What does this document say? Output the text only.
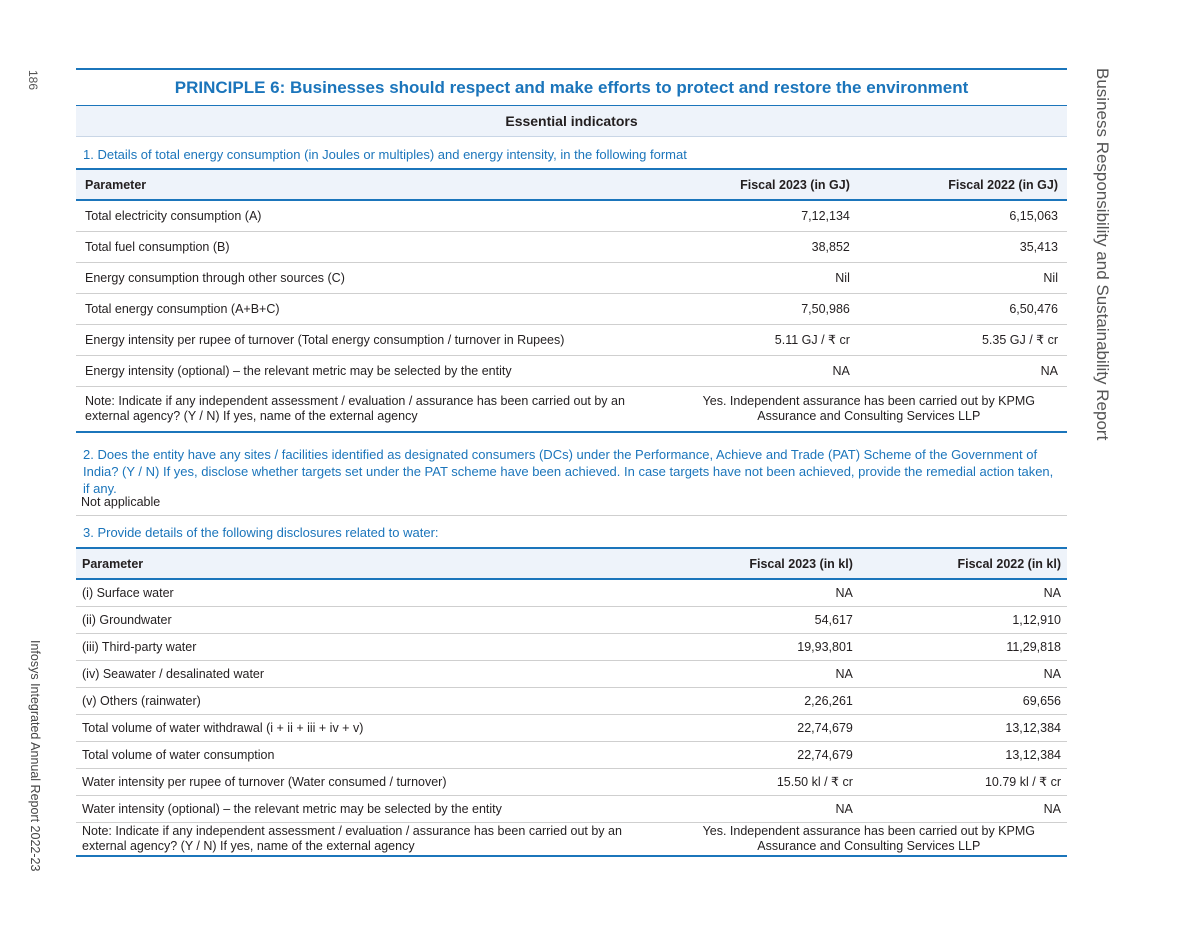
186
Infosys Integrated Annual Report 2022-23
Business Responsibility and Sustainability Report
PRINCIPLE 6: Businesses should respect and make efforts to protect and restore the environment
Essential indicators
1. Details of total energy consumption (in Joules or multiples) and energy intensity, in the following format
Parameter	Fiscal 2023 (in GJ)	Fiscal 2022 (in GJ)
Total electricity consumption (A)	7,12,134	6,15,063
Total fuel consumption (B)	38,852	35,413
Energy consumption through other sources (C)	Nil	Nil
Total energy consumption (A+B+C)	7,50,986	6,50,476
Energy intensity per rupee of turnover (Total energy consumption / turnover in Rupees)	5.11 GJ / ₹ cr	5.35 GJ / ₹ cr
Energy intensity (optional) – the relevant metric may be selected by the entity	NA	NA
Note: Indicate if any independent assessment / evaluation / assurance has been carried out by an external agency? (Y / N) If yes, name of the external agency	Yes. Independent assurance has been carried out by KPMG Assurance and Consulting Services LLP	
2. Does the entity have any sites / facilities identified as designated consumers (DCs) under the Performance, Achieve and Trade (PAT) Scheme of the Government of India? (Y / N) If yes, disclose whether targets set under the PAT scheme have been achieved. In case targets have not been achieved, provide the remedial action taken, if any.
Not applicable
3. Provide details of the following disclosures related to water:
Parameter	Fiscal 2023 (in kl)	Fiscal 2022 (in kl)
(i) Surface water	NA	NA
(ii) Groundwater	54,617	1,12,910
(iii) Third-party water	19,93,801	11,29,818
(iv) Seawater / desalinated water	NA	NA
(v) Others (rainwater)	2,26,261	69,656
Total volume of water withdrawal (i + ii + iii + iv + v)	22,74,679	13,12,384
Total volume of water consumption	22,74,679	13,12,384
Water intensity per rupee of turnover (Water consumed / turnover)	15.50 kl / ₹ cr	10.79 kl / ₹ cr
Water intensity (optional) – the relevant metric may be selected by the entity	NA	NA
Note: Indicate if any independent assessment / evaluation / assurance has been carried out by an external agency? (Y / N) If yes, name of the external agency	Yes. Independent assurance has been carried out by KPMG Assurance and Consulting Services LLP	
